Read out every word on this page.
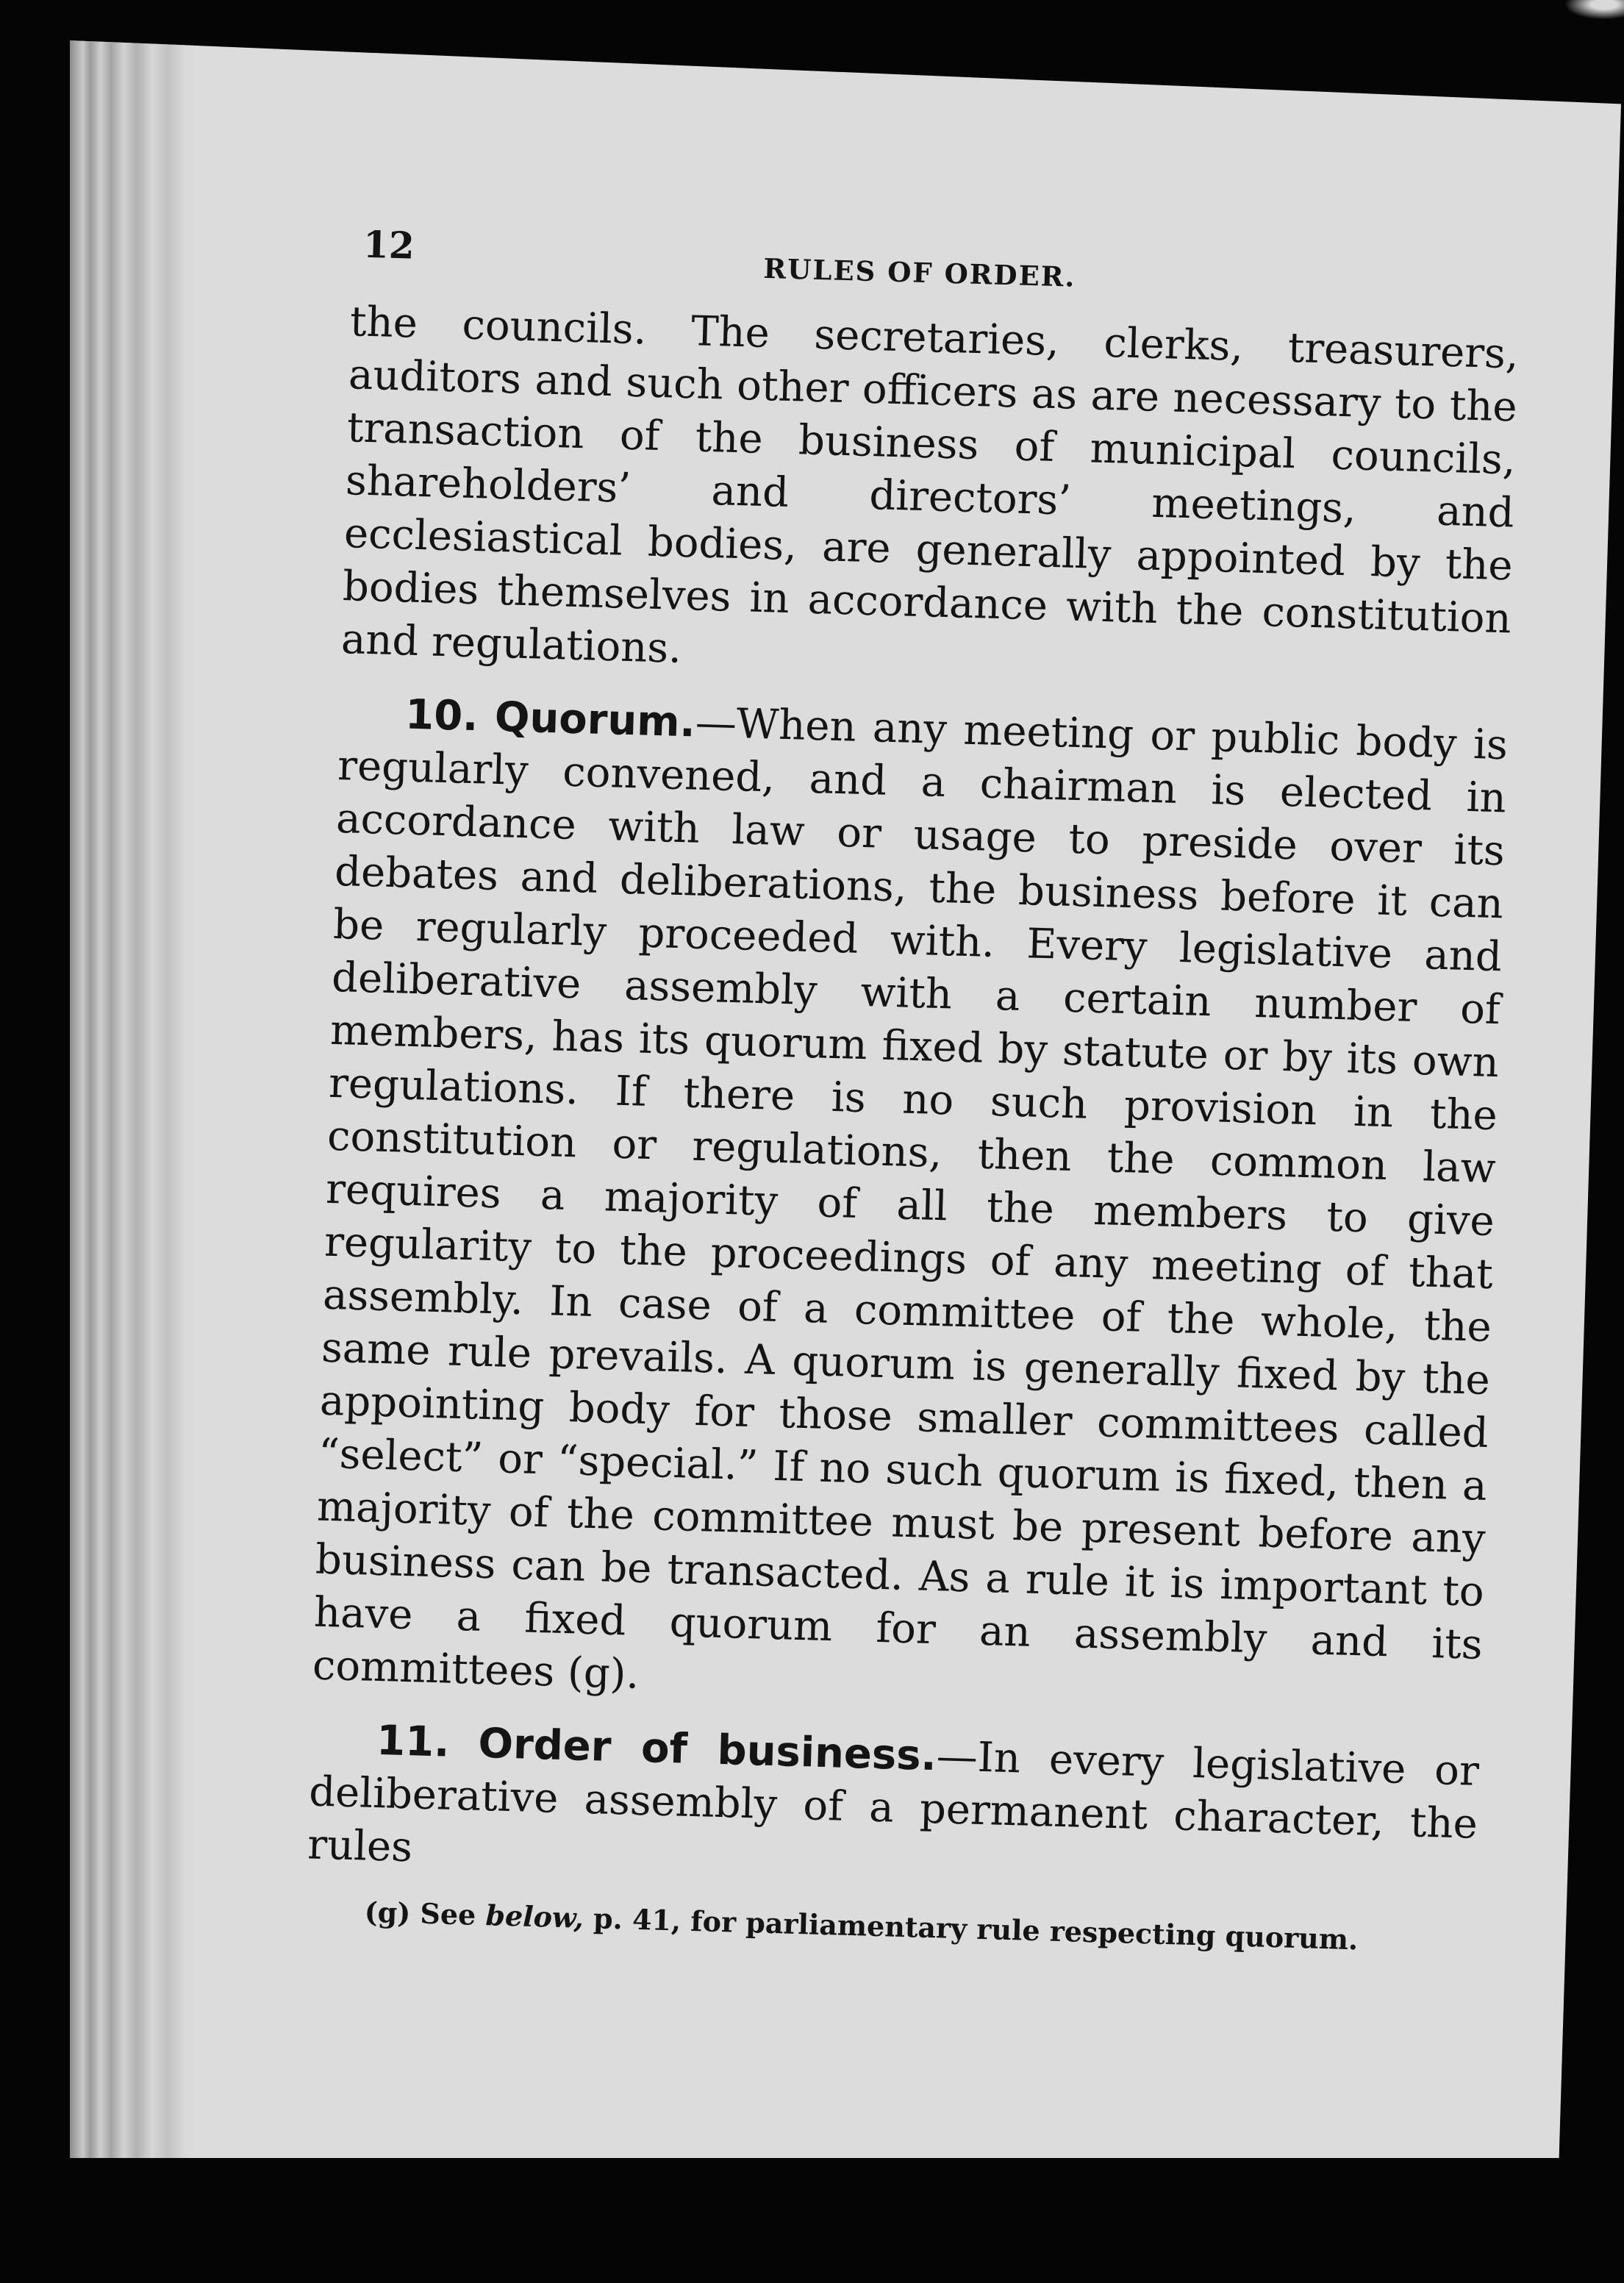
12
RULES OF ORDER.

the councils. The secretaries, clerks, treasurers, auditors and such other officers as are necessary to the transaction of the business of municipal councils, shareholders’ and directors’ meetings, and ecclesiastical bodies, are generally appointed by the bodies themselves in accordance with the constitution and regulations.

10. Quorum.—When any meeting or public body is regularly convened, and a chairman is elected in accordance with law or usage to preside over its debates and deliberations, the business before it can be regularly proceeded with. Every legislative and deliberative assembly with a certain number of members, has its quorum fixed by statute or by its own regulations. If there is no such provision in the constitution or regulations, then the common law requires a majority of all the members to give regularity to the proceedings of any meeting of that assembly. In case of a committee of the whole, the same rule prevails. A quorum is generally fixed by the appointing body for those smaller committees called “select” or “special.” If no such quorum is fixed, then a majority of the committee must be present before any business can be transacted. As a rule it is important to have a fixed quorum for an assembly and its committees (g).

11. Order of business.—In every legislative or deliberative assembly of a permanent character, the rules

(g) See below, p. 41, for parliamentary rule respecting quorum.
